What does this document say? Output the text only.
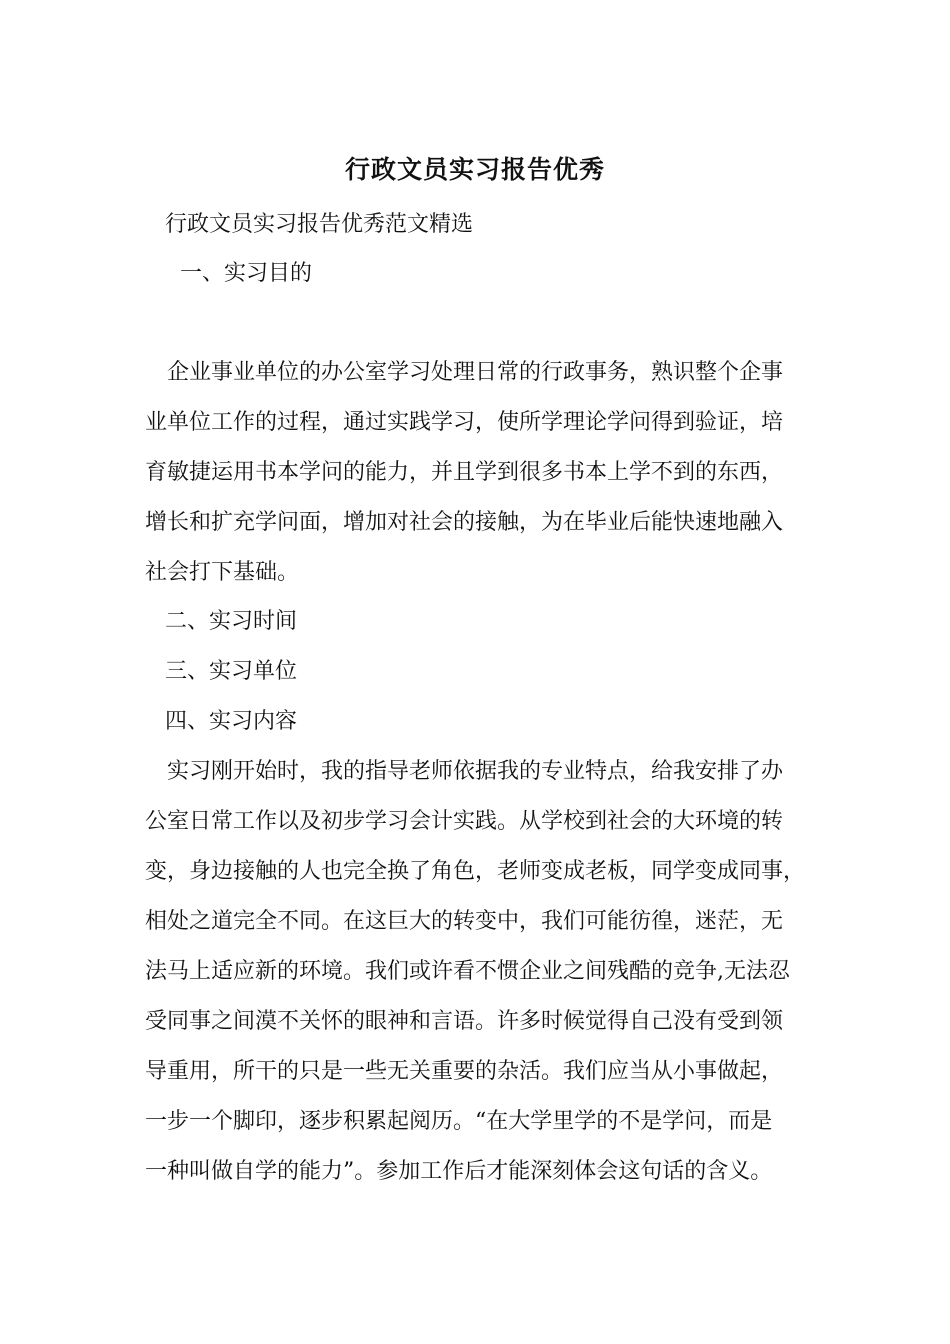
行政文员实习报告优秀
行政文员实习报告优秀范文精选
一、实习目的
企业事业单位的办公室学习处理日常的行政事务，熟识整个企事
业单位工作的过程，通过实践学习，使所学理论学问得到验证，培
育敏捷运用书本学问的能力，并且学到很多书本上学不到的东西，
增长和扩充学问面，增加对社会的接触，为在毕业后能快速地融入
社会打下基础。
二、实习时间
三、实习单位
四、实习内容
实习刚开始时，我的指导老师依据我的专业特点，给我安排了办
公室日常工作以及初步学习会计实践。从学校到社会的大环境的转
变，身边接触的人也完全换了角色，老师变成老板，同学变成同事，
相处之道完全不同。在这巨大的转变中，我们可能彷徨，迷茫，无
法马上适应新的环境。我们或许看不惯企业之间残酷的竞争,无法忍
受同事之间漠不关怀的眼神和言语。许多时候觉得自己没有受到领
导重用，所干的只是一些无关重要的杂活。我们应当从小事做起，
一步一个脚印，逐步积累起阅历。“在大学里学的不是学问，而是
一种叫做自学的能力”。参加工作后才能深刻体会这句话的含义。
